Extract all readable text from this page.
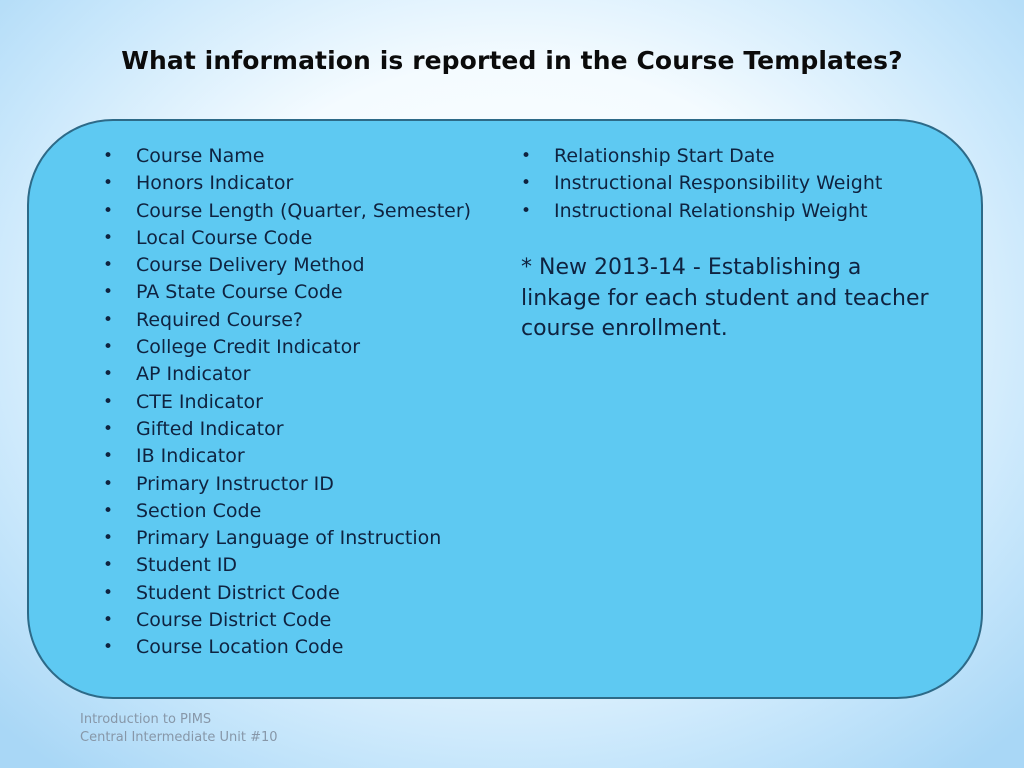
What information is reported in the Course Templates?
• Course Name
• Honors Indicator
• Course Length (Quarter, Semester)
• Local Course Code
• Course Delivery Method
• PA State Course Code
• Required Course?
• College Credit Indicator
• AP Indicator
• CTE Indicator
• Gifted Indicator
• IB Indicator
• Primary Instructor ID
• Section Code
• Primary Language of Instruction
• Student ID
• Student District Code
• Course District Code
• Course Location Code
• Relationship Start Date
• Instructional Responsibility Weight
• Instructional Relationship Weight
* New 2013-14 - Establishing a linkage for each student and teacher course enrollment.
Introduction to PIMS
Central Intermediate Unit #10
